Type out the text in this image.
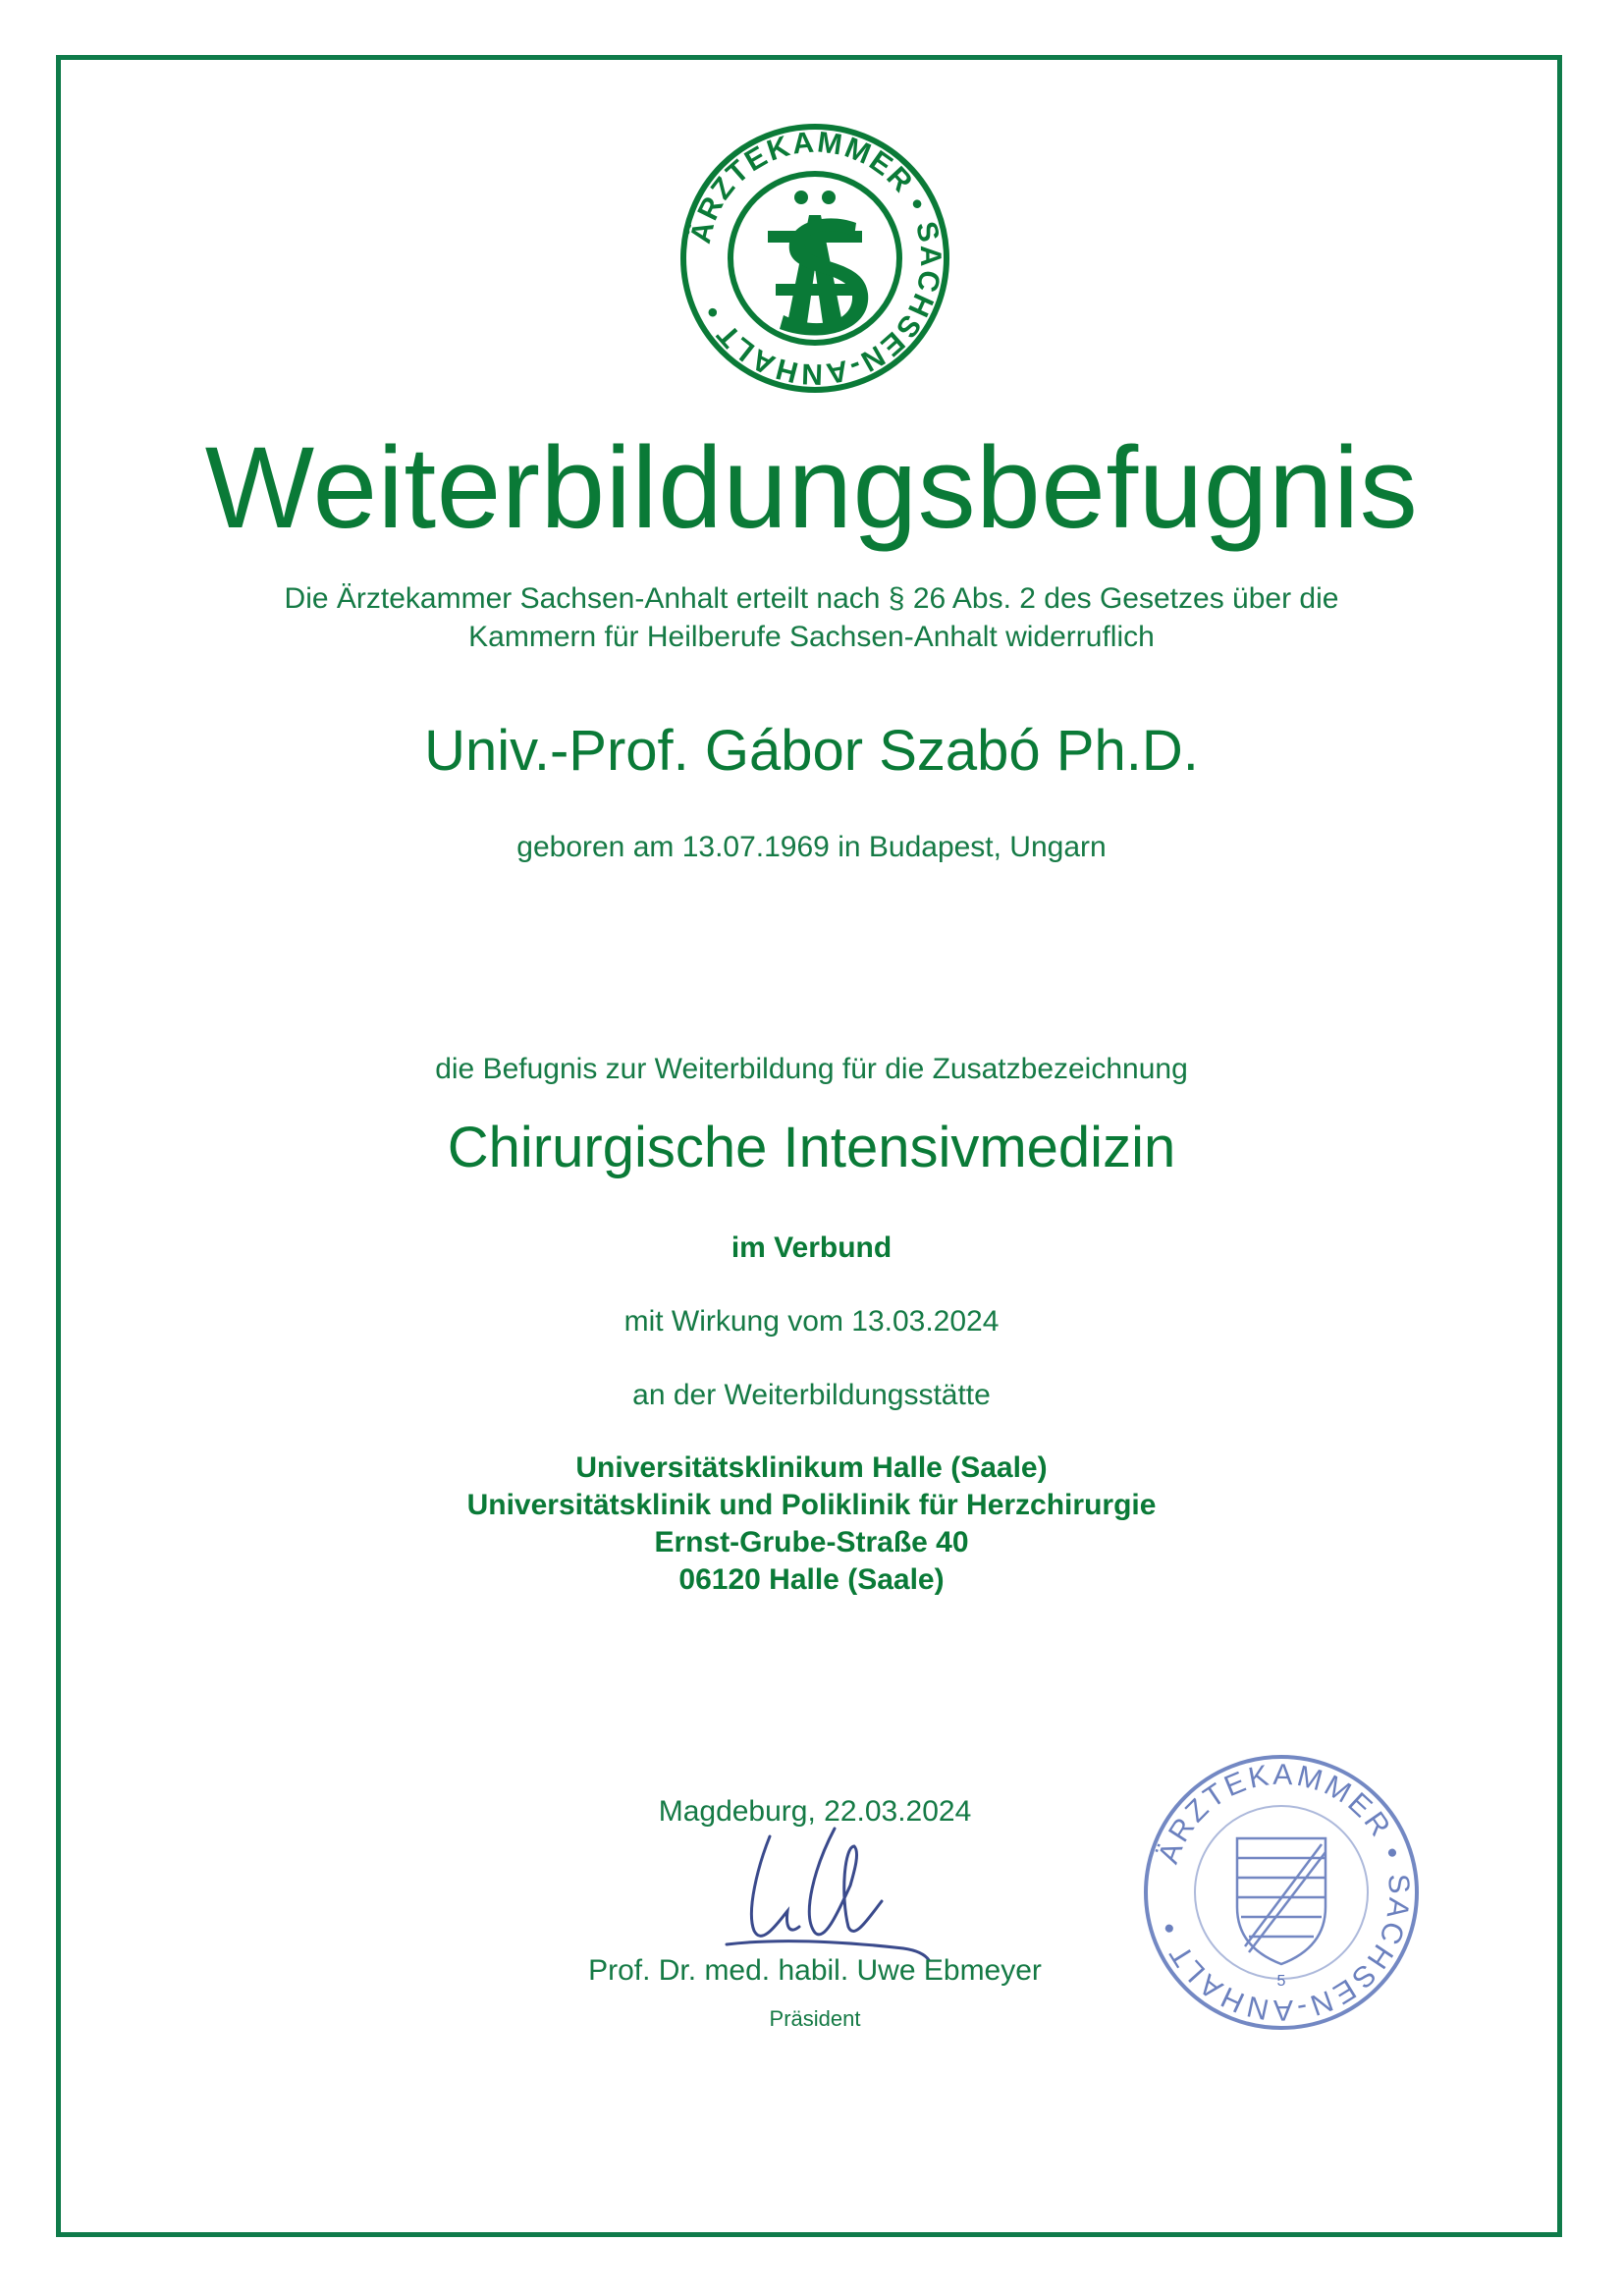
ÄRZTEKAMMER • SACHSEN-ANHALT •
Weiterbildungsbefugnis
Die Ärztekammer Sachsen-Anhalt erteilt nach § 26 Abs. 2 des Gesetzes über die
Kammern für Heilberufe Sachsen-Anhalt widerruflich
Univ.-Prof. Gábor Szabó Ph.D.
geboren am 13.07.1969 in Budapest, Ungarn
die Befugnis zur Weiterbildung für die Zusatzbezeichnung
Chirurgische Intensivmedizin
im Verbund
mit Wirkung vom 13.03.2024
an der Weiterbildungsstätte
Universitätsklinikum Halle (Saale)
Universitätsklinik und Poliklinik für Herzchirurgie
Ernst-Grube-Straße 40
06120 Halle (Saale)
Magdeburg, 22.03.2024
Prof. Dr. med. habil. Uwe Ebmeyer
Präsident
ÄRZTEKAMMER • SACHSEN-ANHALT •
5
